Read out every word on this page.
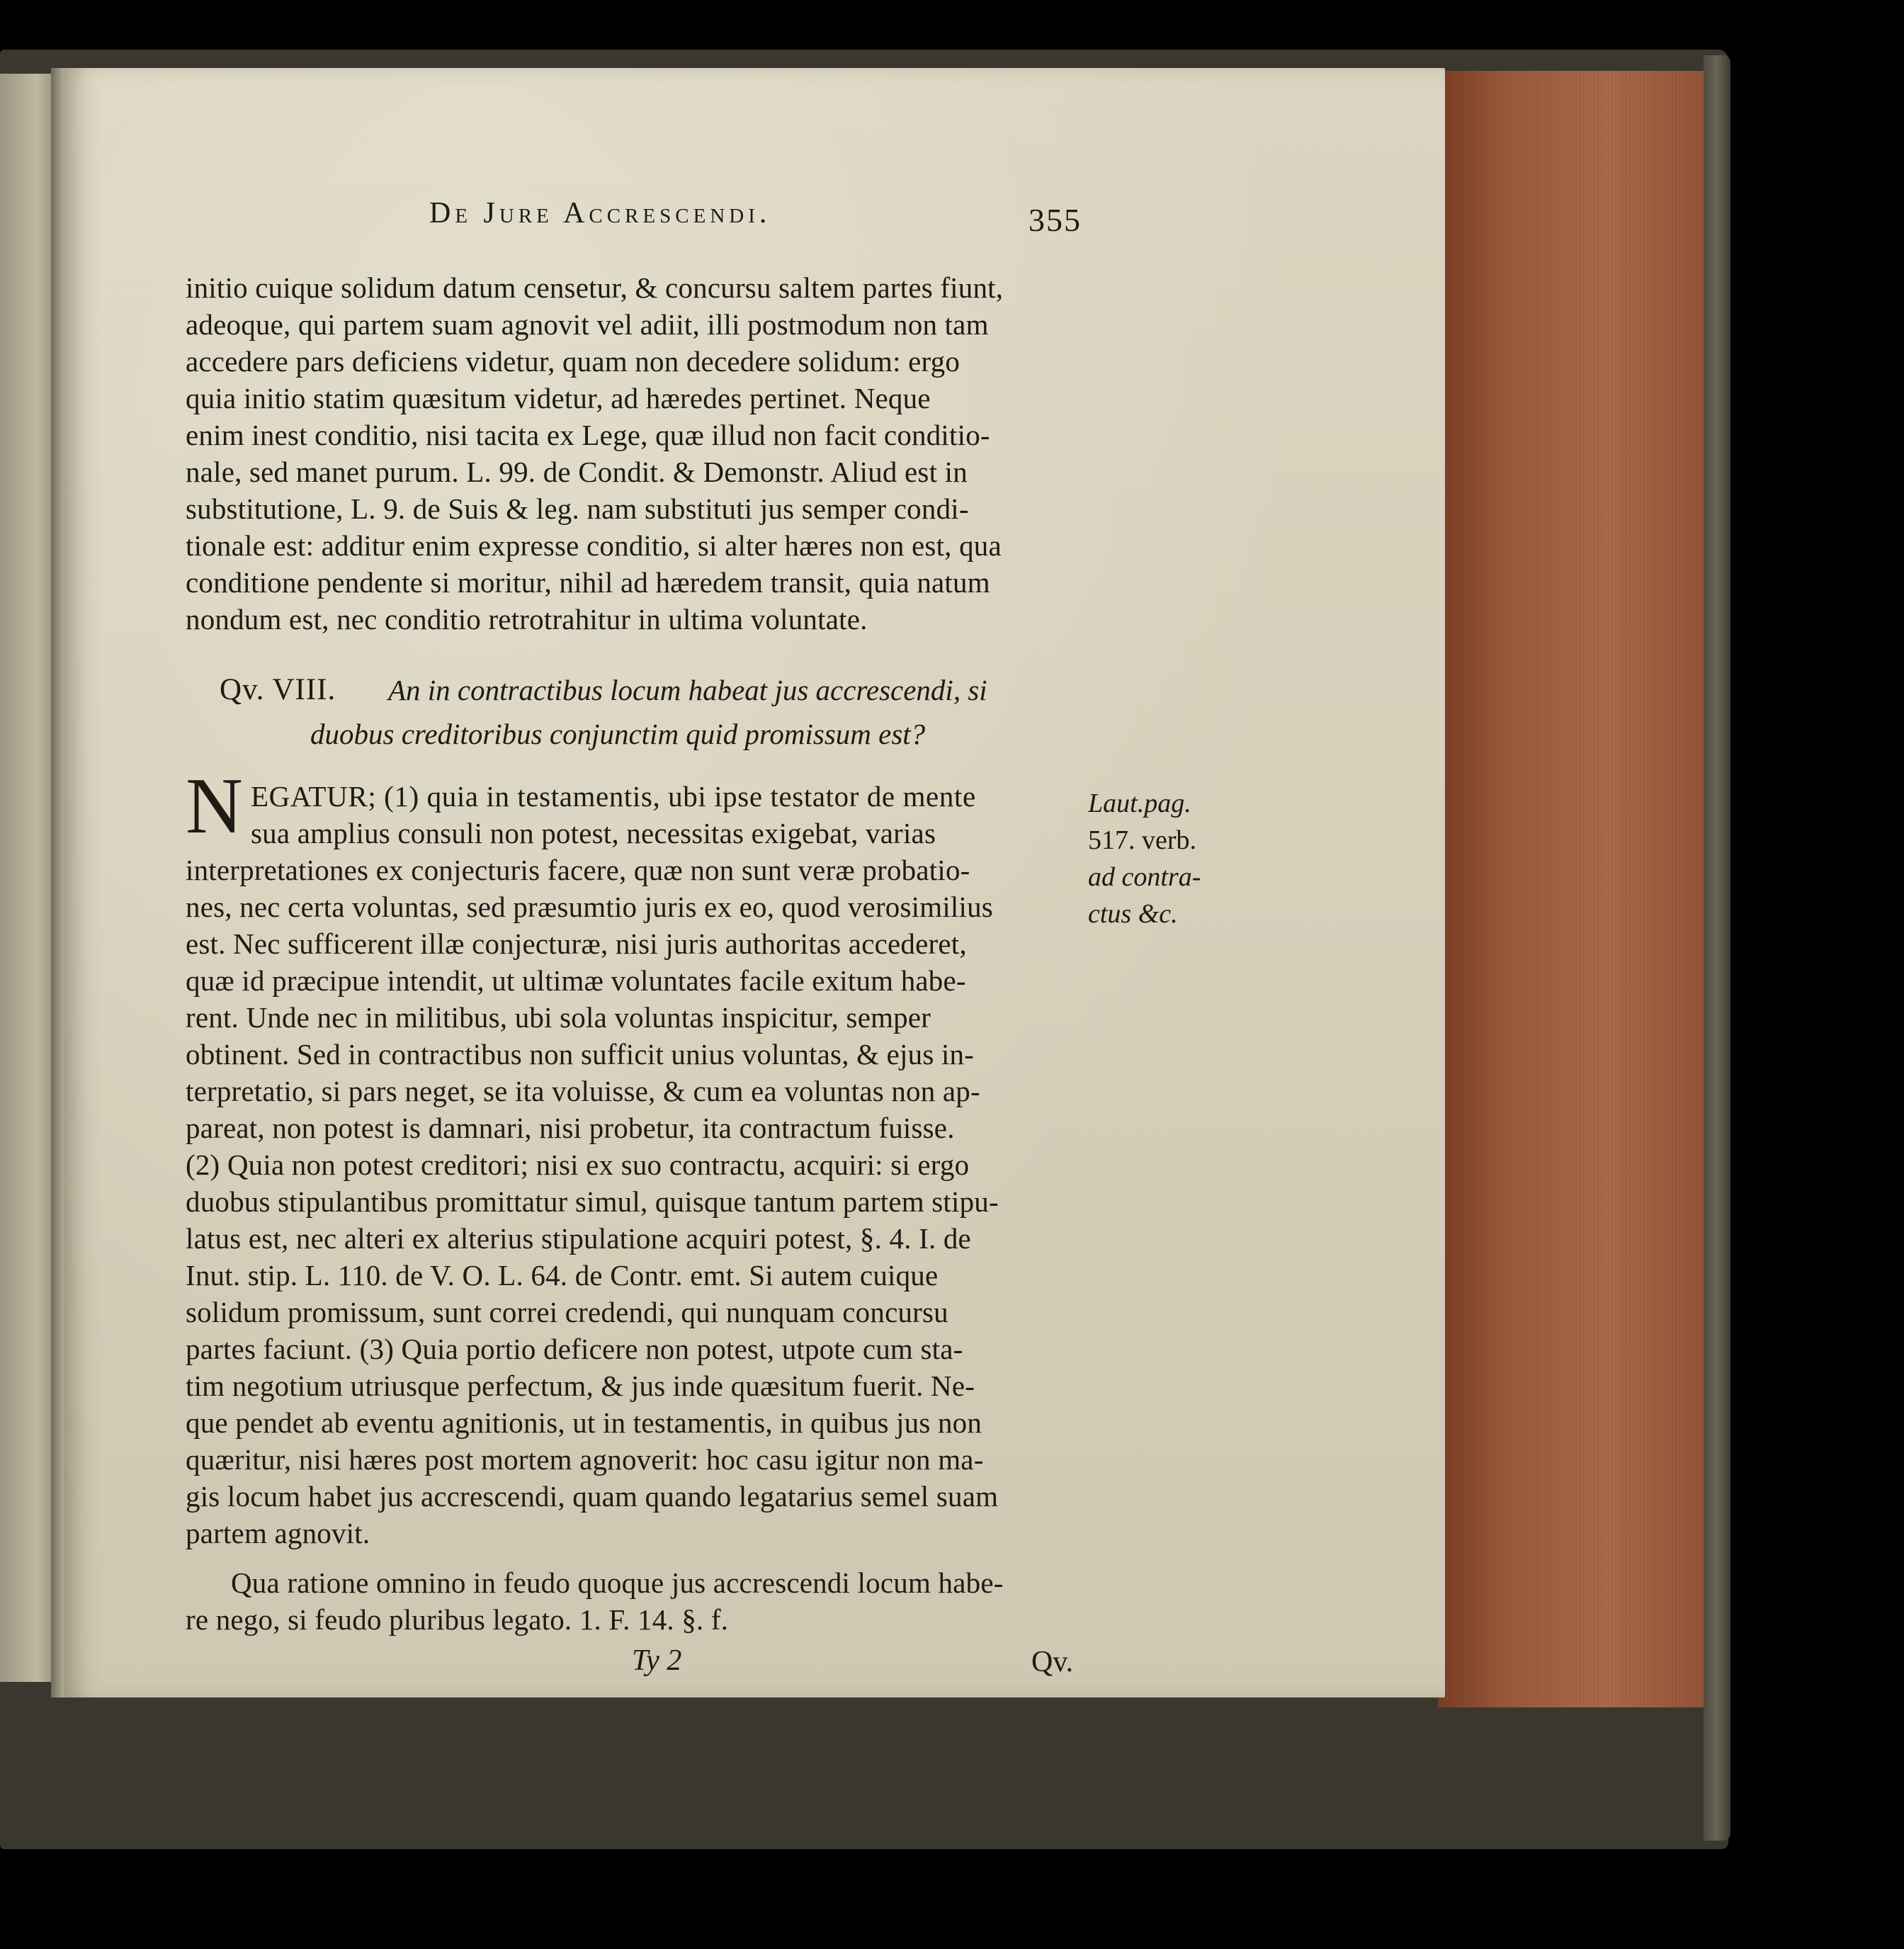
De Jure Accrescendi.	355

initio cuique solidum datum censetur, & concursu saltem partes fiunt,

adeoque, qui partem suam agnovit vel adiit, illi postmodum non tam

accedere pars deficiens videtur, quam non decedere solidum: ergo

quia initio statim quæsitum videtur, ad hæredes pertinet. Neque

enim inest conditio, nisi tacita ex Lege, quæ illud non facit conditio-

nale, sed manet purum. L. 99. de Condit. & Demonstr. Aliud est in

substitutione, L. 9. de Suis & leg. nam substituti jus semper condi-

tionale est: additur enim expresse conditio, si alter hæres non est, qua

conditione pendente si moritur, nihil ad hæredem transit, quia natum

nondum est, nec conditio retrotrahitur in ultima voluntate.

Qv. VIII. An in contractibus locum habeat jus accrescendi, si

duobus creditoribus conjunctim quid promissum est?

N EGATUR; (1) quia in testamentis, ubi ipse testator de mente

sua amplius consuli non potest, necessitas exigebat, varias

interpretationes ex conjecturis facere, quæ non sunt veræ probatio-

nes, nec certa voluntas, sed præsumtio juris ex eo, quod verosimilius

est. Nec sufficerent illæ conjecturæ, nisi juris authoritas accederet,

quæ id præcipue intendit, ut ultimæ voluntates facile exitum habe-

rent. Unde nec in militibus, ubi sola voluntas inspicitur, semper

obtinent. Sed in contractibus non sufficit unius voluntas, & ejus in-

terpretatio, si pars neget, se ita voluisse, & cum ea voluntas non ap-

pareat, non potest is damnari, nisi probetur, ita contractum fuisse.

(2) Quia non potest creditori; nisi ex suo contractu, acquiri: si ergo

duobus stipulantibus promittatur simul, quisque tantum partem stipu-

latus est, nec alteri ex alterius stipulatione acquiri potest, §. 4. I. de

Inut. stip. L. 110. de V. O. L. 64. de Contr. emt. Si autem cuique

solidum promissum, sunt correi credendi, qui nunquam concursu

partes faciunt. (3) Quia portio deficere non potest, utpote cum sta-

tim negotium utriusque perfectum, & jus inde quæsitum fuerit. Ne-

que pendet ab eventu agnitionis, ut in testamentis, in quibus jus non

quæritur, nisi hæres post mortem agnoverit: hoc casu igitur non ma-

gis locum habet jus accrescendi, quam quando legatarius semel suam

partem agnovit.

Laut.pag.

517. verb.

ad contra-

ctus &c.

Qua ratione omnino in feudo quoque jus accrescendi locum habe-

re nego, si feudo pluribus legato. 1. F. 14. §. f.

Ty 2	Qv.
